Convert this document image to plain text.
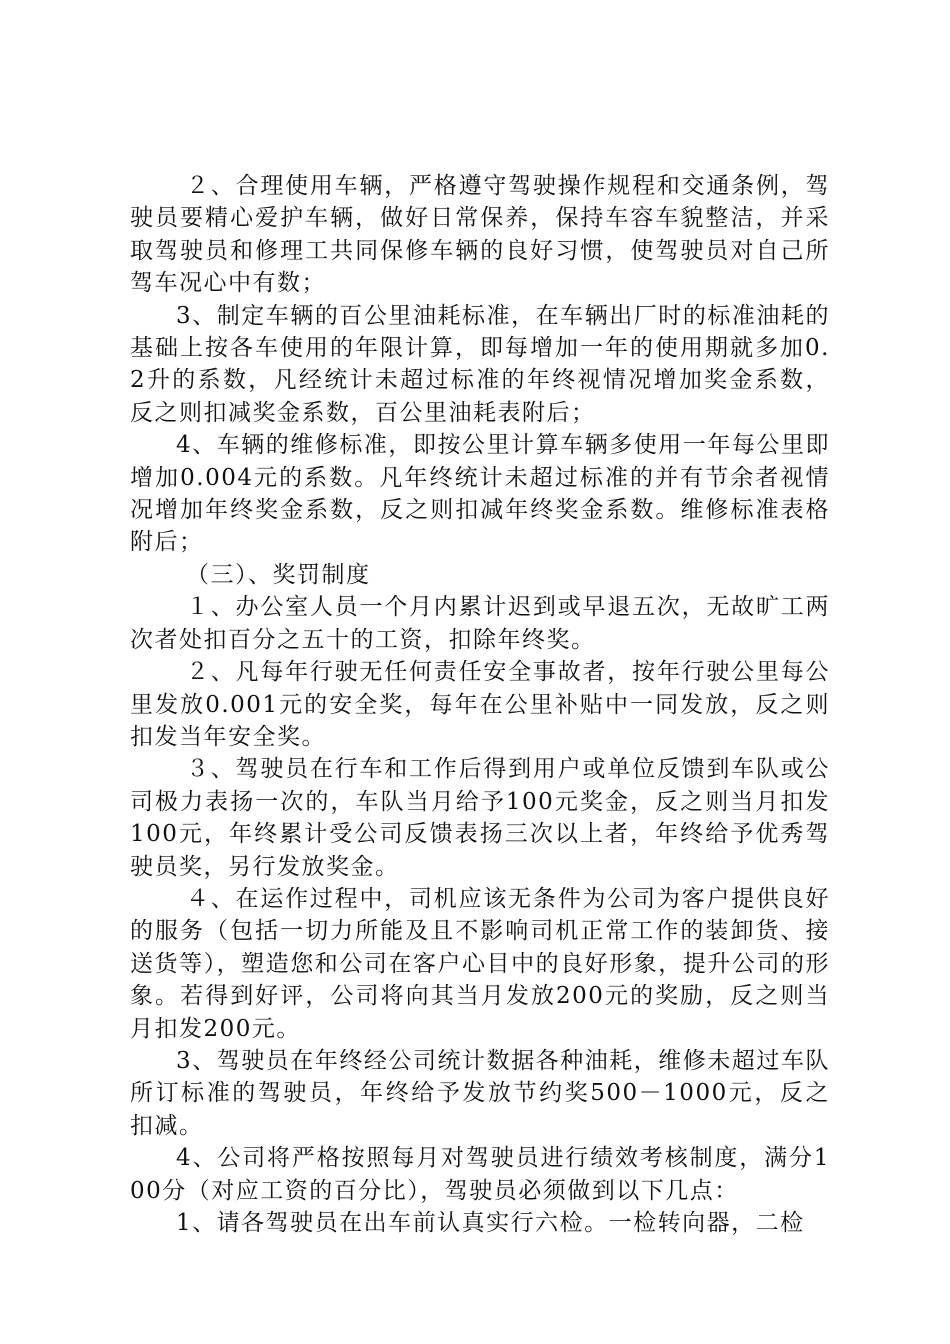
２、合理使用车辆，严格遵守驾驶操作规程和交通条例，驾驶员要精心爱护车辆，做好日常保养，保持车容车貌整洁，并采取驾驶员和修理工共同保修车辆的良好习惯，使驾驶员对自己所驾车况心中有数；

3、制定车辆的百公里油耗标准，在车辆出厂时的标准油耗的基础上按各车使用的年限计算，即每增加一年的使用期就多加0.2升的系数，凡经统计未超过标准的年终视情况增加奖金系数，反之则扣减奖金系数，百公里油耗表附后；

4、车辆的维修标准，即按公里计算车辆多使用一年每公里即增加0.004元的系数。凡年终统计未超过标准的并有节余者视情况增加年终奖金系数，反之则扣减年终奖金系数。维修标准表格附后；

（三）、奖罚制度

１、办公室人员一个月内累计迟到或早退五次，无故旷工两次者处扣百分之五十的工资，扣除年终奖。

２、凡每年行驶无任何责任安全事故者，按年行驶公里每公里发放0.001元的安全奖，每年在公里补贴中一同发放，反之则扣发当年安全奖。

３、驾驶员在行车和工作后得到用户或单位反馈到车队或公司极力表扬一次的，车队当月给予100元奖金，反之则当月扣发100元，年终累计受公司反馈表扬三次以上者，年终给予优秀驾驶员奖，另行发放奖金。

４、在运作过程中，司机应该无条件为公司为客户提供良好的服务（包括一切力所能及且不影响司机正常工作的装卸货、接送货等），塑造您和公司在客户心目中的良好形象，提升公司的形象。若得到好评，公司将向其当月发放200元的奖励，反之则当月扣发200元。

3、驾驶员在年终经公司统计数据各种油耗，维修未超过车队所订标准的驾驶员，年终给予发放节约奖500－1000元，反之扣减。

4、公司将严格按照每月对驾驶员进行绩效考核制度，满分100分（对应工资的百分比），驾驶员必须做到以下几点：

1、请各驾驶员在出车前认真实行六检。一检转向器，二检
